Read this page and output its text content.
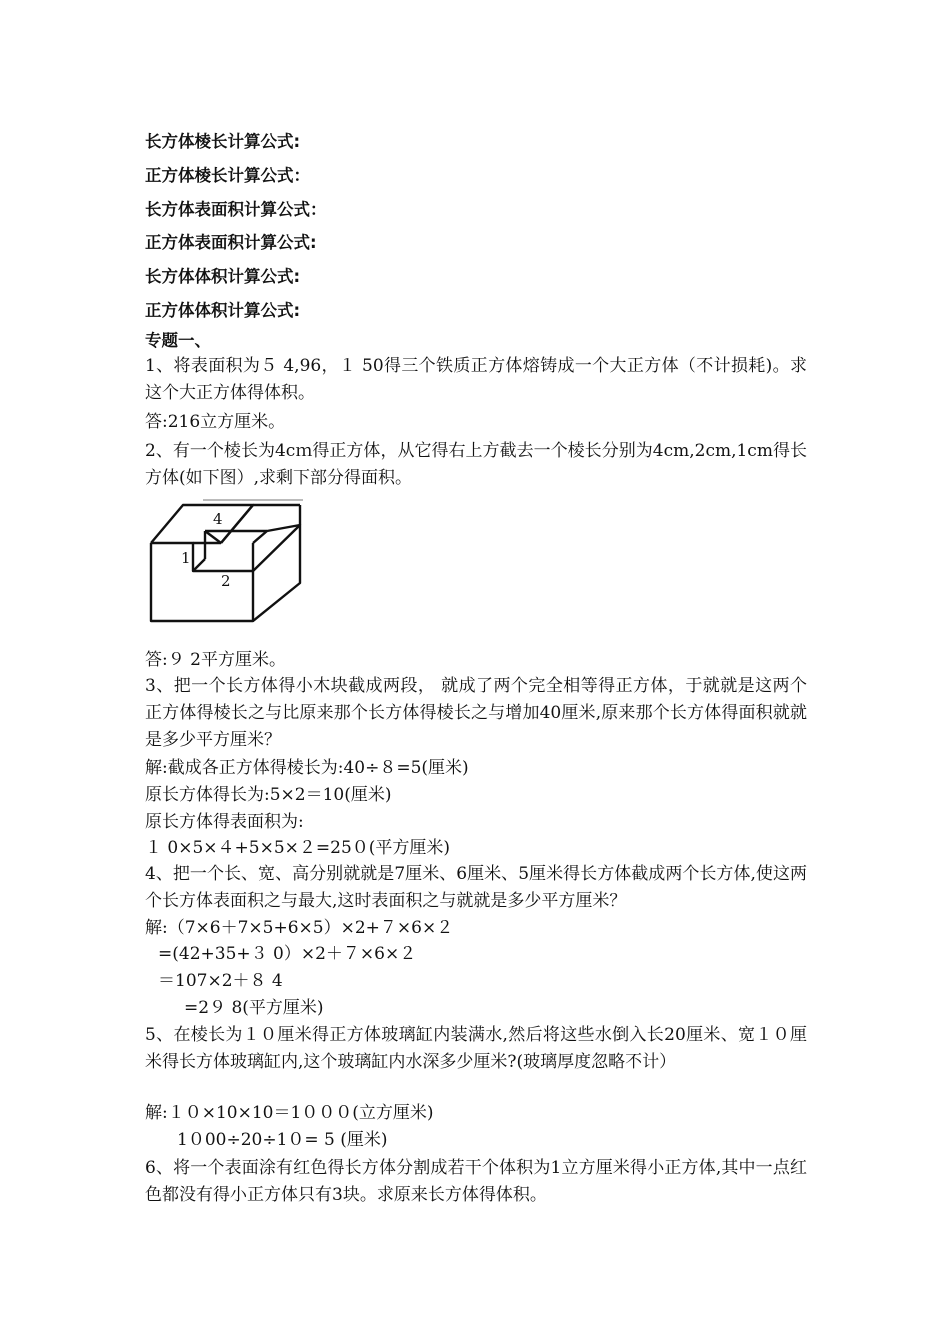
长方体棱长计算公式:
正方体棱长计算公式：
长方体表面积计算公式：
正方体表面积计算公式:
长方体体积计算公式:
正方体体积计算公式:
专题一、
1、将表面积为５ 4,96，１ 50得三个铁质正方体熔铸成一个大正方体（不计损耗)。求这个大正方体得体积。
答:216立方厘米。
2、有一个棱长为4cｍ得正方体，从它得右上方截去一个棱长分别为4cm,2cm,1cm得长方体(如下图）,求剩下部分得面积。
4
1
2
答:９ 2平方厘米。
3、把一个长方体得小木块截成两段， 就成了两个完全相等得正方体，于就就是这两个正方体得棱长之与比原来那个长方体得棱长之与增加40厘米,原来那个长方体得面积就就是多少平方厘米？
解:截成各正方体得棱长为:40÷８=5(厘米)
原长方体得长为:5×2＝10(厘米)
原长方体得表面积为:
１ 0×5×４+5×5×２=25０(平方厘米)
4、把一个长、宽、高分别就就是7厘米、6厘米、5厘米得长方体截成两个长方体,使这两个长方体表面积之与最大,这时表面积之与就就是多少平方厘米？
解:（7×6＋7×5+6×5）×2+７×6×２
=(42+35+３ 0）×2＋７×6×２
＝107×2＋８ 4
=2９ 8(平方厘米)
5、在棱长为１０厘米得正方体玻璃缸内装满水,然后将这些水倒入长20厘米、宽１０厘米得长方体玻璃缸内,这个玻璃缸内水深多少厘米?(玻璃厚度忽略不计）
解:１０×10×10＝1０００(立方厘米)
1０00÷20÷1０= 5 (厘米)
6、将一个表面涂有红色得长方体分割成若干个体积为1立方厘米得小正方体,其中一点红色都没有得小正方体只有3块。求原来长方体得体积。
